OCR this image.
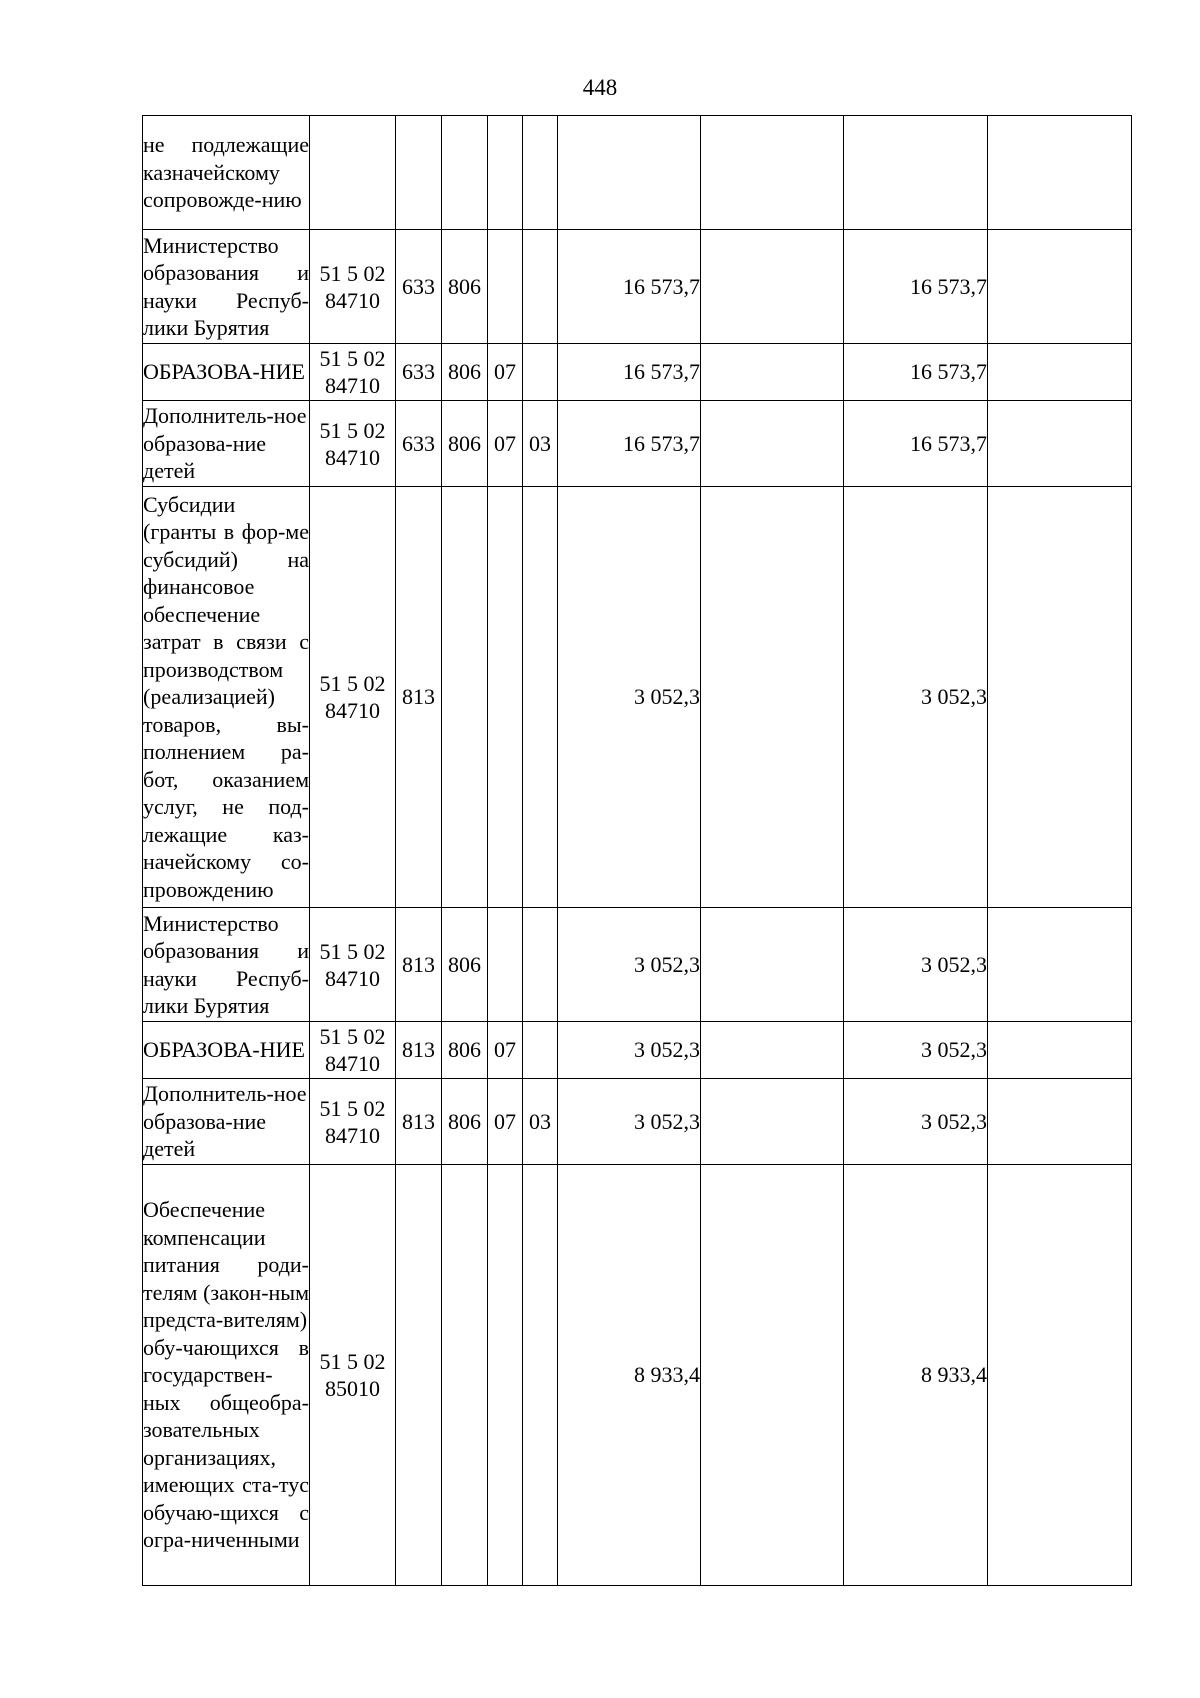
448
не подлежащие казначейскому сопровожде-нию									
Министерство образования и науки Респуб-лики Бурятия	51 5 02 84710	633	806			16 573,7		16 573,7	
ОБРАЗОВА-НИЕ	51 5 02 84710	633	806	07		16 573,7		16 573,7	
Дополнитель-ное образова-ние детей	51 5 02 84710	633	806	07	03	16 573,7		16 573,7	
Субсидии (гранты в фор-ме субсидий) на финансовое обеспечение затрат в связи с производством (реализацией) товаров, вы-полнением ра-бот, оказанием услуг, не под-лежащие каз-начейскому со-провождению	51 5 02 84710	813				3 052,3		3 052,3	
Министерство образования и науки Респуб-лики Бурятия	51 5 02 84710	813	806			3 052,3		3 052,3	
ОБРАЗОВА-НИЕ	51 5 02 84710	813	806	07		3 052,3		3 052,3	
Дополнитель-ное образова-ние детей	51 5 02 84710	813	806	07	03	3 052,3		3 052,3	
Обеспечение компенсации питания роди-телям (закон-ным предста-вителям) обу-чающихся в государствен-ных общеобра-зовательных организациях, имеющих ста-тус обучаю-щихся с огра-ниченными	51 5 02 85010					8 933,4		8 933,4	
